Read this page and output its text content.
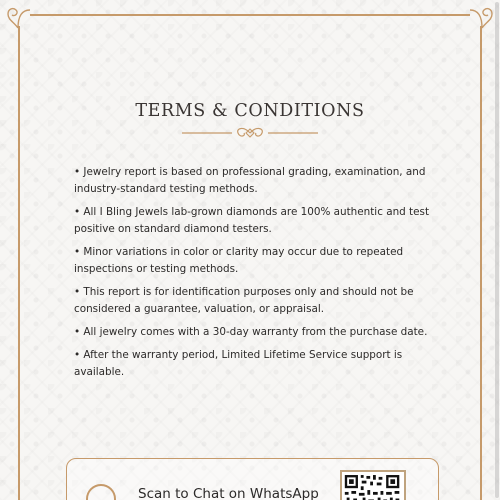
TERMS & CONDITIONS
• Jewelry report is based on professional grading, examination, and industry-standard testing methods.
• All I Bling Jewels lab-grown diamonds are 100% authentic and test positive on standard diamond testers.
• Minor variations in color or clarity may occur due to repeated inspections or testing methods.
• This report is for identification purposes only and should not be considered a guarantee, valuation, or appraisal.
• All jewelry comes with a 30-day warranty from the purchase date.
• After the warranty period, Limited Lifetime Service support is available.
Scan to Chat on WhatsApp
